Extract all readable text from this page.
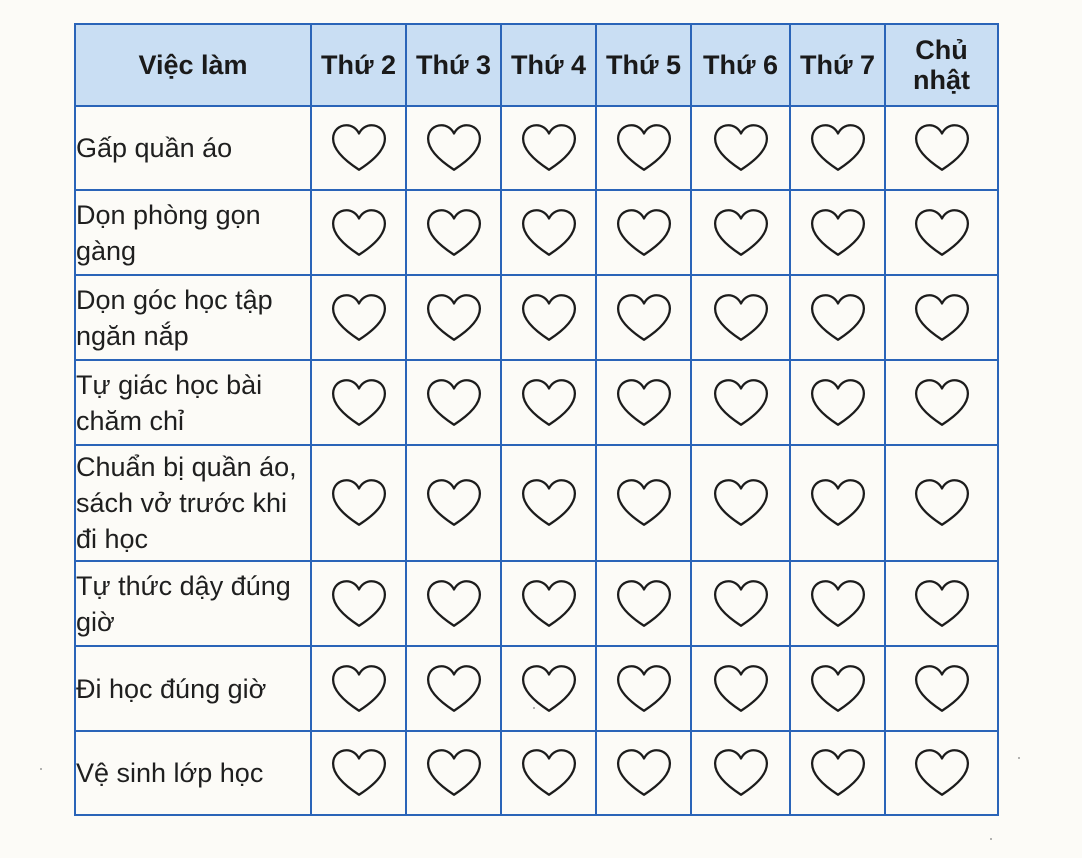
Việc làm	Thứ 2	Thứ 3	Thứ 4	Thứ 5	Thứ 6	Thứ 7	Chủ nhật
Gấp quần áo	

Dọn phòng gọn gàng	

Dọn góc học tập ngăn nắp	

Tự giác học bài chăm chỉ	

Chuẩn bị quần áo, sách vở trước khi đi học	

Tự thức dậy đúng giờ	

Đi học đúng giờ	

Vệ sinh lớp học	
